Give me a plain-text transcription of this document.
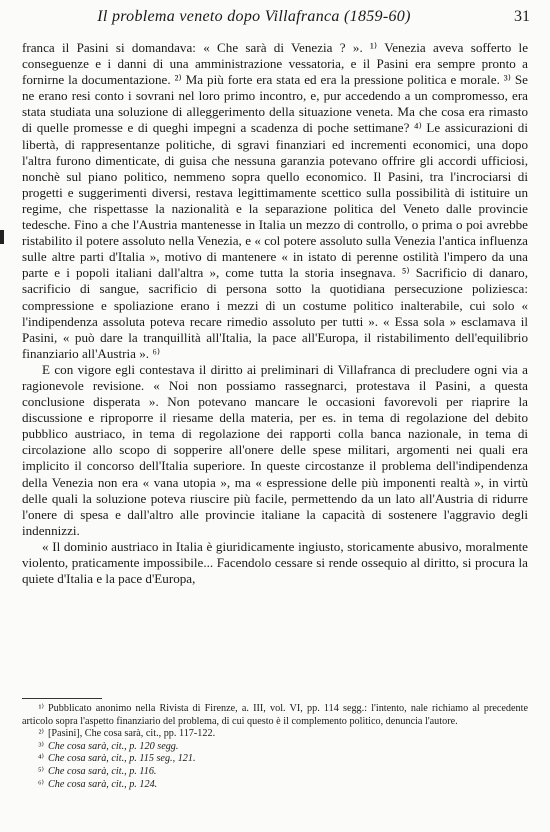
Il problema veneto dopo Villafranca (1859-60)	31

franca il Pasini si domandava: « Che sarà di Venezia ? ». ¹⁾ Venezia aveva sofferto le conseguenze e i danni di una amministrazione vessatoria, e il Pasini era sempre pronto a fornirne la documentazione. ²⁾ Ma più forte era stata ed era la pressione politica e morale. ³⁾ Se ne erano resi conto i sovrani nel loro primo incontro, e, pur accedendo a un compromesso, era stata studiata una soluzione di alleggerimento della situazione veneta. Ma che cosa era rimasto di quelle promesse e di queghi impegni a scadenza di poche settimane? ⁴⁾ Le assicurazioni di libertà, di rappresentanze politiche, di sgravi finanziari ed incrementi economici, una dopo l'altra furono dimenticate, di guisa che nessuna garanzia potevano offrire gli accordi ufficiosi, nonchè sul piano politico, nemmeno sopra quello economico. Il Pasini, tra l'incrociarsi di progetti e suggerimenti diversi, restava legittimamente scettico sulla possibilità di istituire un regime, che rispettasse la nazionalità e la separazione politica del Veneto dalle provincie tedesche. Fino a che l'Austria mantenesse in Italia un mezzo di controllo, o prima o poi avrebbe ristabilito il potere assoluto nella Venezia, e « col potere assoluto sulla Venezia l'antica influenza sulle altre parti d'Italia », motivo di mantenere « in istato di perenne ostilità l'impero da una parte e i popoli italiani dall'altra », come tutta la storia insegnava. ⁵⁾ Sacrificio di danaro, sacrificio di sangue, sacrificio di persona sotto la quotidiana persecuzione poliziesca: compressione e spoliazione erano i mezzi di un costume politico inalterabile, cui solo « l'indipendenza assoluta poteva recare rimedio assoluto per tutti ». « Essa sola » esclamava il Pasini, « può dare la tranquillità all'Italia, la pace all'Europa, il ristabilimento dell'equilibrio finanziario all'Austria ». ⁶⁾

E con vigore egli contestava il diritto ai preliminari di Villafranca di precludere ogni via a ragionevole revisione. « Noi non possiamo rassegnarci, protestava il Pasini, a questa conclusione disperata ». Non potevano mancare le occasioni favorevoli per riaprire la discussione e riproporre il riesame della materia, per es. in tema di regolazione del debito pubblico austriaco, in tema di regolazione dei rapporti colla banca nazionale, in tema di circolazione allo scopo di sopperire all'onere delle spese militari, argomenti nei quali era implicito il concorso dell'Italia superiore. In queste circostanze il problema dell'indipendenza della Venezia non era « vana utopia », ma « espressione delle più imponenti realtà », in virtù delle quali la soluzione poteva riuscire più facile, permettendo da un lato all'Austria di ridurre l'onere di spesa e dall'altro alle provincie italiane la capacità di sostenere l'aggravio degli indennizzi.

« Il dominio austriaco in Italia è giuridicamente ingiusto, storicamente abusivo, moralmente violento, praticamente impossibile... Facendolo cessare si rende ossequio al diritto, si procura la quiete d'Italia e la pace d'Europa,

¹⁾ Pubblicato anonimo nella Rivista di Firenze, a. III, vol. VI, pp. 114 segg.: l'intento, nale richiamo al precedente articolo sopra l'aspetto finanziario del problema, di cui questo è il complemento politico, denuncia l'autore.

²⁾ [Pasini], Che cosa sarà, cit., pp. 117-122.

³⁾ Che cosa sarà, cit., p. 120 segg.

⁴⁾ Che cosa sarà, cit., p. 115 seg., 121.

⁵⁾ Che cosa sarà, cit., p. 116.

⁶⁾ Che cosa sarà, cit., p. 124.
